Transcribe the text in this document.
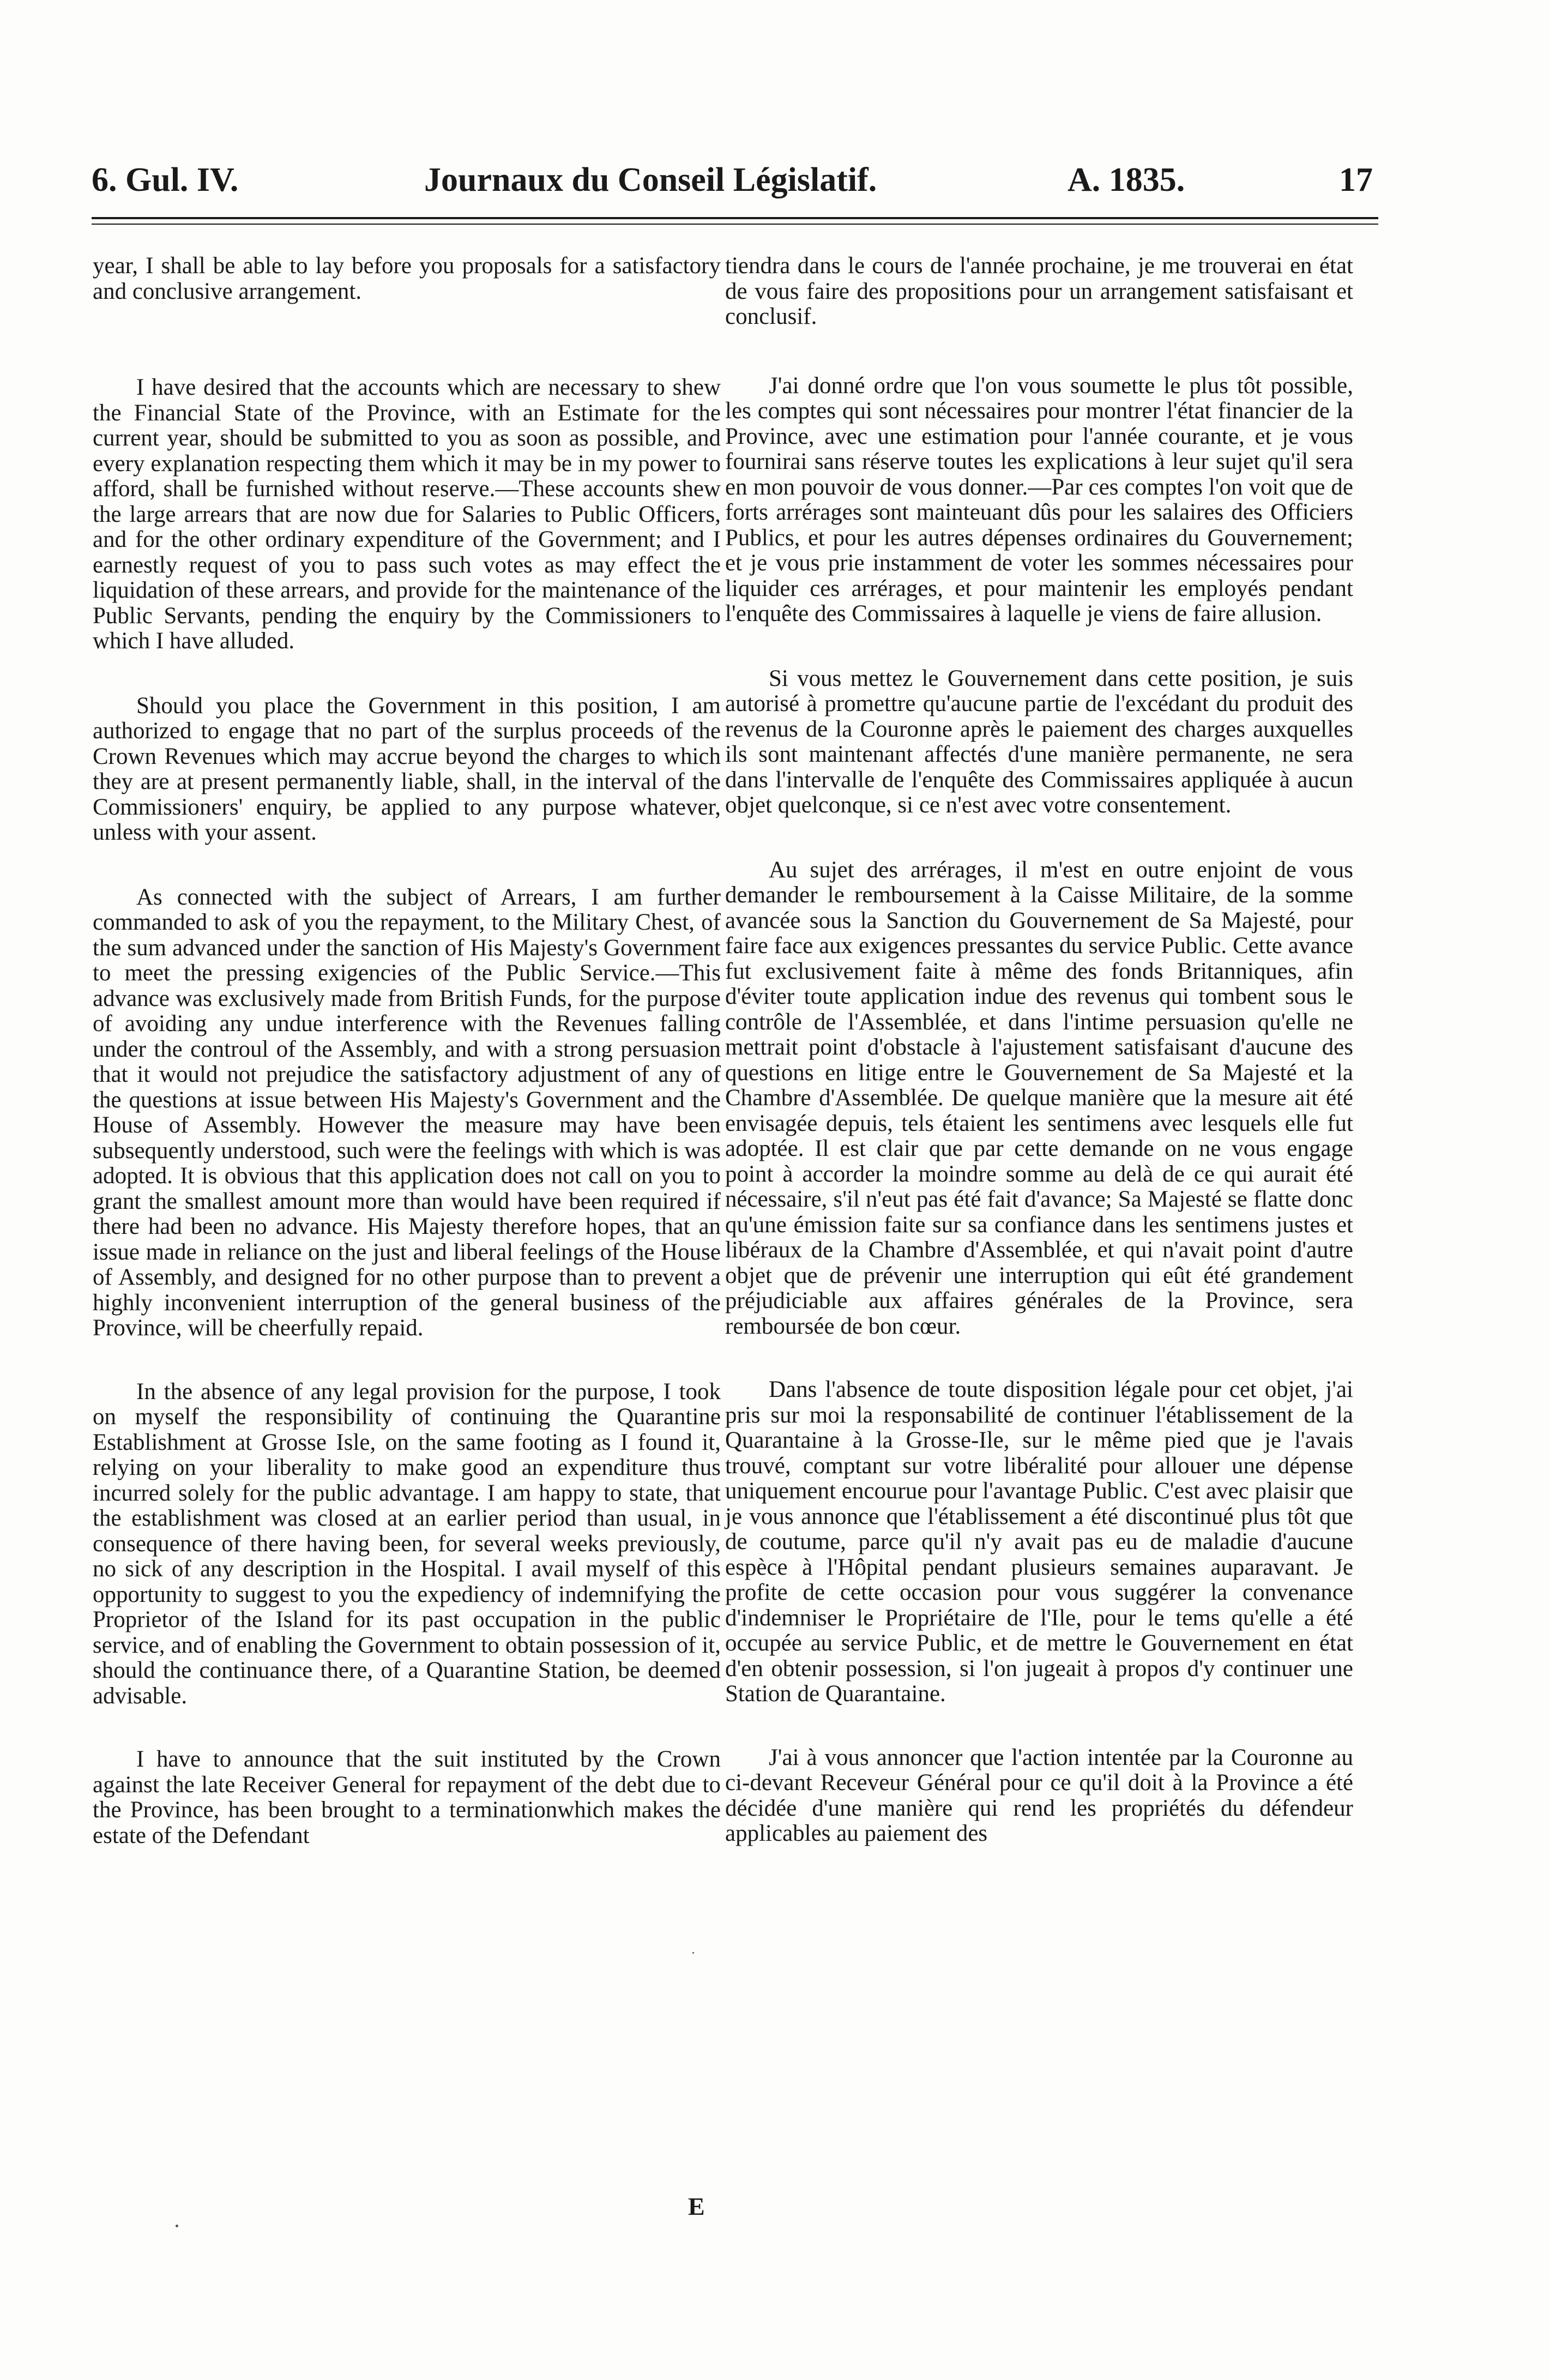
6. Gul. IV.	Journaux du Conseil Législatif.	A. 1835.	17

year, I shall be able to lay before you proposals for a satisfactory and conclusive arrangement.

I have desired that the accounts which are necessary to shew the Financial State of the Province, with an Estimate for the current year, should be submitted to you as soon as possible, and every explanation respecting them which it may be in my power to afford, shall be furnished without reserve.—These accounts shew the large arrears that are now due for Salaries to Public Officers, and for the other ordinary expenditure of the Government; and I earnestly request of you to pass such votes as may effect the liquidation of these arrears, and provide for the maintenance of the Public Servants, pending the enquiry by the Commissioners to which I have alluded.

Should you place the Government in this position, I am authorized to engage that no part of the surplus proceeds of the Crown Revenues which may accrue beyond the charges to which they are at present permanently liable, shall, in the interval of the Commissioners' enquiry, be applied to any purpose whatever, unless with your assent.

As connected with the subject of Arrears, I am further commanded to ask of you the repayment, to the Military Chest, of the sum advanced under the sanction of His Majesty's Government to meet the pressing exigencies of the Public Service.—This advance was exclusively made from British Funds, for the purpose of avoiding any undue interference with the Revenues falling under the controul of the Assembly, and with a strong persuasion that it would not prejudice the satisfactory adjustment of any of the questions at issue between His Majesty's Government and the House of Assembly. However the measure may have been subsequently understood, such were the feelings with which is was adopted. It is obvious that this application does not call on you to grant the smallest amount more than would have been required if there had been no advance. His Majesty therefore hopes, that an issue made in reliance on the just and liberal feelings of the House of Assembly, and designed for no other purpose than to prevent a highly inconvenient interruption of the general business of the Province, will be cheerfully repaid.

In the absence of any legal provision for the purpose, I took on myself the responsibility of continuing the Quarantine Establishment at Grosse Isle, on the same footing as I found it, relying on your liberality to make good an expenditure thus incurred solely for the public advantage. I am happy to state, that the establishment was closed at an earlier period than usual, in consequence of there having been, for several weeks previously, no sick of any description in the Hospital. I avail myself of this opportunity to suggest to you the expediency of indemnifying the Proprietor of the Island for its past occupation in the public service, and of enabling the Government to obtain possession of it, should the continuance there, of a Quarantine Station, be deemed advisable.

I have to announce that the suit instituted by the Crown against the late Receiver General for repayment of the debt due to the Province, has been brought to a terminationwhich makes the estate of the Defendant

tiendra dans le cours de l'année prochaine, je me trouverai en état de vous faire des propositions pour un arrangement satisfaisant et conclusif.

J'ai donné ordre que l'on vous soumette le plus tôt possible, les comptes qui sont nécessaires pour montrer l'état financier de la Province, avec une estimation pour l'année courante, et je vous fournirai sans réserve toutes les explications à leur sujet qu'il sera en mon pouvoir de vous donner.—Par ces comptes l'on voit que de forts arrérages sont mainteuant dûs pour les salaires des Officiers Publics, et pour les autres dépenses ordinaires du Gouvernement; et je vous prie instamment de voter les sommes nécessaires pour liquider ces arrérages, et pour maintenir les employés pendant l'enquête des Commissaires à laquelle je viens de faire allusion.

Si vous mettez le Gouvernement dans cette position, je suis autorisé à promettre qu'aucune partie de l'excédant du produit des revenus de la Couronne après le paiement des charges auxquelles ils sont maintenant affectés d'une manière permanente, ne sera dans l'intervalle de l'enquête des Commissaires appliquée à aucun objet quelconque, si ce n'est avec votre consentement.

Au sujet des arrérages, il m'est en outre enjoint de vous demander le remboursement à la Caisse Militaire, de la somme avancée sous la Sanction du Gouvernement de Sa Majesté, pour faire face aux exigences pressantes du service Public. Cette avance fut exclusivement faite à même des fonds Britanniques, afin d'éviter toute application indue des revenus qui tombent sous le contrôle de l'Assemblée, et dans l'intime persuasion qu'elle ne mettrait point d'obstacle à l'ajustement satisfaisant d'aucune des questions en litige entre le Gouvernement de Sa Majesté et la Chambre d'Assemblée. De quelque manière que la mesure ait été envisagée depuis, tels étaient les sentimens avec lesquels elle fut adoptée. Il est clair que par cette demande on ne vous engage point à accorder la moindre somme au delà de ce qui aurait été nécessaire, s'il n'eut pas été fait d'avance; Sa Majesté se flatte donc qu'une émission faite sur sa confiance dans les sentimens justes et libéraux de la Chambre d'Assemblée, et qui n'avait point d'autre objet que de prévenir une interruption qui eût été grandement préjudiciable aux affaires générales de la Province, sera remboursée de bon cœur.

Dans l'absence de toute disposition légale pour cet objet, j'ai pris sur moi la responsabilité de continuer l'établissement de la Quarantaine à la Grosse-Ile, sur le même pied que je l'avais trouvé, comptant sur votre libéralité pour allouer une dépense uniquement encourue pour l'avantage Public. C'est avec plaisir que je vous annonce que l'établissement a été discontinué plus tôt que de coutume, parce qu'il n'y avait pas eu de maladie d'aucune espèce à l'Hôpital pendant plusieurs semaines auparavant. Je profite de cette occasion pour vous suggérer la convenance d'indemniser le Propriétaire de l'Ile, pour le tems qu'elle a été occupée au service Public, et de mettre le Gouvernement en état d'en obtenir possession, si l'on jugeait à propos d'y continuer une Station de Quarantaine.

J'ai à vous annoncer que l'action intentée par la Couronne au ci-devant Receveur Général pour ce qu'il doit à la Province a été décidée d'une manière qui rend les propriétés du défendeur applicables au paiement des

E
